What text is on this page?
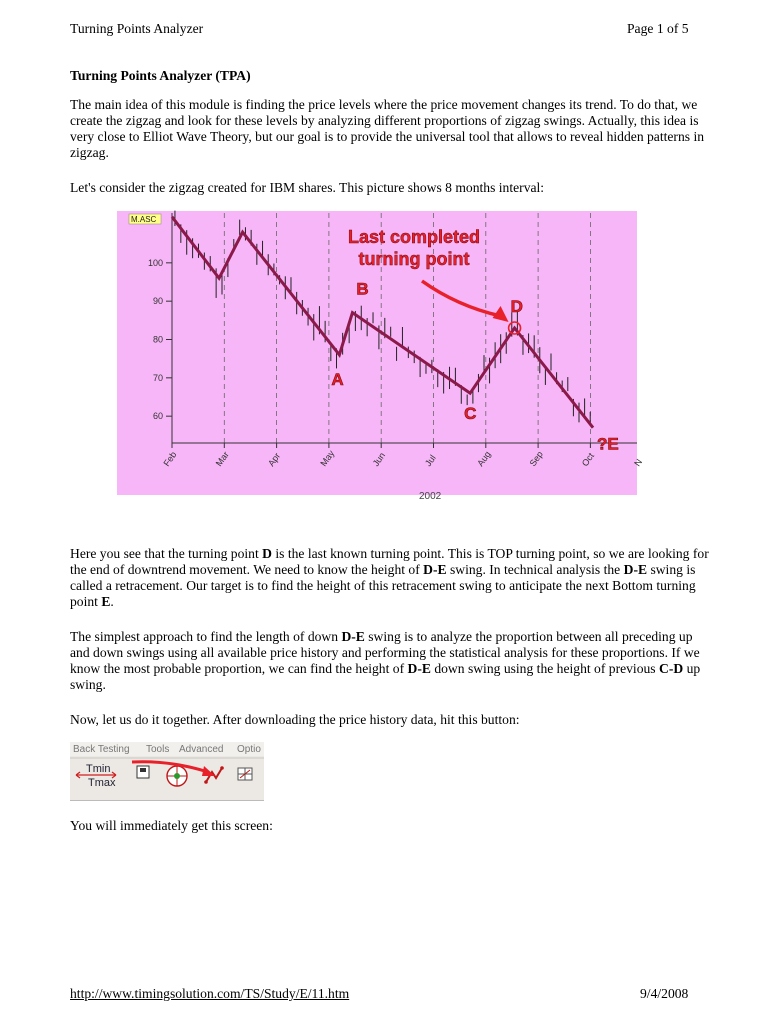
Turning Points Analyzer	Page 1 of 5
Turning Points Analyzer (TPA)

The main idea of this module is finding the price levels where the price movement changes its trend. To do that, we create the zigzag and look for these levels by analyzing different proportions of zigzag swings. Actually, this idea is very close to Elliot Wave Theory, but our goal is to provide the universal tool that allows to reveal hidden patterns in zigzag.

Let's consider the zigzag created for IBM shares. This picture shows 8 months interval:

Feb	Mar	Apr	May	Jun	Jul	Aug	Sep	Oct	N
60
70
80
90
100
M.ASC
A
B
C
D
?E
Last completed
turning point
2002

Here you see that the turning point D is the last known turning point. This is TOP turning point, so we are looking for the end of downtrend movement. We need to know the height of D-E swing. In technical analysis the D-E swing is called a retracement. Our target is to find the height of this retracement swing to anticipate the next Bottom turning point E.

The simplest approach to find the length of down D-E swing is to analyze the proportion between all preceding up and down swings using all available price history and performing the statistical analysis for these proportions. If we know the most probable proportion, we can find the height of D-E down swing using the height of previous C-D up swing.

Now, let us do it together. After downloading the price history data, hit this button:

Back Testing Tools Advanced Optio
Tmin
Tmax

You will immediately get this screen:

http://www.timingsolution.com/TS/Study/E/11.htm	9/4/2008
